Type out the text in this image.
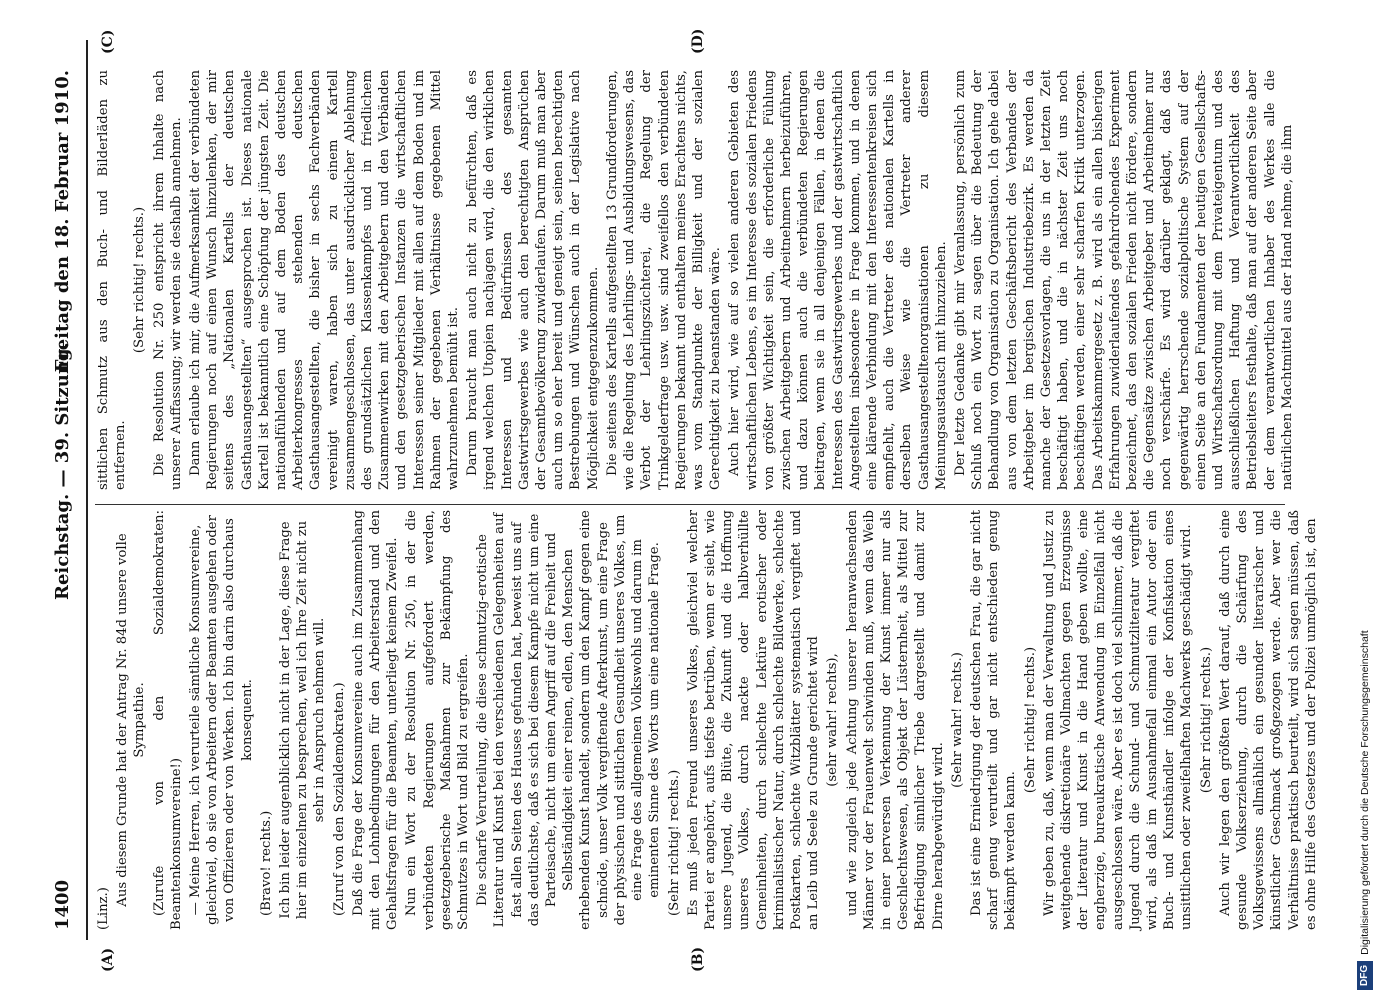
1400
Reichstag. — 39. Sitzung.
Freitag den 18. Februar 1910.
(A)	(B)
(C)	(D)

(Linz.)

Aus diesem Grunde hat der Antrag Nr. 84d unsere volle Sympathie. (Zurufe von den Sozialdemokraten: Beamtenkonsumvereine!) — Meine Herren, ich verurteile sämtliche Konsumvereine, gleichviel, ob sie von Arbeitern oder Beamten ausgehen oder von Offizieren oder von Werken. Ich bin darin also durchaus konsequent.

(Bravo! rechts.) Ich bin leider augenblicklich nicht in der Lage, diese Frage hier im einzelnen zu besprechen, weil ich Ihre Zeit nicht zu sehr in Anspruch nehmen will. (Zuruf von den Sozialdemokraten.) Daß die Frage der Konsumvereine auch im Zusammenhang mit den Lohnbedingungen für den Arbeiterstand und den Gehaltsfragen für die Beamten, unterliegt keinem Zweifel. Nun ein Wort zu der Resolution Nr. 250, in der die verbündeten Regierungen aufgefordert werden, gesetzgeberische Maßnahmen zur Bekämpfung des Schmutzes in Wort und Bild zu ergreifen. Die scharfe Verurteilung, die diese schmutzig-erotische Literatur und Kunst bei den verschiedenen Gelegenheiten auf fast allen Seiten des Hauses gefunden hat, beweist uns auf das deutlichste, daß es sich bei diesem Kampfe nicht um eine Parteisache, nicht um einen Angriff auf die Freiheit und Selbständigkeit einer reinen, edlen, den Menschen erhebenden Kunst handelt, sondern um den Kampf gegen eine schnöde, unser Volk vergiftende Afterkunst, um eine Frage der physischen und sittlichen Gesundheit unseres Volkes, um eine Frage des allgemeinen Volkswohls und darum im eminenten Sinne des Worts um eine nationale Frage. (Sehr richtig! rechts.) Es muß jeden Freund unseres Volkes, gleichviel welcher Partei er angehört, aufs tiefste betrüben, wenn er sieht, wie unsere Jugend, die Blüte, die Zukunft und die Hoffnung unseres Volkes, durch nackte oder halbverhüllte Gemeinheiten, durch schlechte Lektüre erotischer oder kriminalistischer Natur, durch schlechte Bildwerke, schlechte Postkarten, schlechte Witzblätter systematisch vergiftet und an Leib und Seele zu Grunde gerichtet wird (sehr wahr! rechts), und wie zugleich jede Achtung unserer heranwachsenden Männer vor der Frauenwelt schwinden muß, wenn das Weib in einer perversen Verkennung der Kunst immer nur als Geschlechtswesen, als Objekt der Lüsternheit, als Mittel zur Befriedigung sinnlicher Triebe dargestellt und damit zur Dirne herabgewürdigt wird.

(Sehr wahr! rechts.) Das ist eine Erniedrigung der deutschen Frau, die gar nicht scharf genug verurteilt und gar nicht entschieden genug bekämpft werden kann.

(Sehr richtig! rechts.) Wir geben zu, daß, wenn man der Verwaltung und Justiz zu weitgehende diskretionäre Vollmachten gegen Erzeugnisse der Literatur und Kunst in die Hand geben wollte, eine engherzige, bureaukratische Anwendung im Einzelfall nicht ausgeschlossen wäre. Aber es ist doch viel schlimmer, daß die Jugend durch die Schund- und Schmutzliteratur vergiftet wird, als daß im Ausnahmefall einmal ein Autor oder ein Buch- und Kunsthändler infolge der Konfiskation eines unsittlichen oder zweifelhaften Machwerks geschädigt wird. (Sehr richtig! rechts.) Auch wir legen den größten Wert darauf, daß durch eine gesunde Volkserziehung, durch die Schärfung des Volksgewissens allmählich ein gesunder literarischer und künstlicher Geschmack großgezogen werde. Aber wer die Verhältnisse praktisch beurteilt, wird sich sagen müssen, daß es ohne Hilfe des Gesetzes und der Polizei unmöglich ist, den

sittlichen Schmutz aus den Buch- und Bilderläden zu entfernen.

(Sehr richtig! rechts.) Die Resolution Nr. 250 entspricht ihrem Inhalte nach unserer Auffassung; wir werden sie deshalb annehmen. Dann erlaube ich mir, die Aufmerksamkeit der verbündeten Regierungen noch auf einen Wunsch hinzulenken, der mir seitens des „Nationalen Kartells der deutschen Gasthausangestellten“ ausgesprochen ist. Dieses nationale Kartell ist bekanntlich eine Schöpfung der jüngsten Zeit. Die nationalfühlenden und auf dem Boden des deutschen Arbeiterkongresses stehenden deutschen Gasthausangestellten, die bisher in sechs Fachverbänden vereinigt waren, haben sich zu einem Kartell zusammengeschlossen, das unter ausdrücklicher Ablehnung des grundsätzlichen Klassenkampfes und in friedlichem Zusammenwirken mit den Arbeitgebern und den Verbänden und den gesetzgeberischen Instanzen die wirtschaftlichen Interessen seiner Mitglieder mit allen auf dem Boden und im Rahmen der gegebenen Verhältnisse gegebenen Mittel wahrzunehmen bemüht ist. Darum braucht man auch nicht zu befürchten, daß es irgend welchen Utopien nachjagen wird, die den wirklichen Interessen und Bedürfnissen des gesamten Gastwirtsgewerbes wie auch den berechtigten Ansprüchen der Gesamtbevölkerung zuwiderlaufen. Darum muß man aber auch um so eher bereit und geneigt sein, seinen berechtigten Bestrebungen und Wünschen auch in der Legislative nach Möglichkeit entgegenzukommen. Die seitens des Kartells aufgestellten 13 Grundforderungen, wie die Regelung des Lehrlings- und Ausbildungswesens, das Verbot der Lehrlingszüchterei, die Regelung der Trinkgelderfrage usw. usw. sind zweifellos den verbündeten Regierungen bekannt und enthalten meines Erachtens nichts, was vom Standpunkte der Billigkeit und der sozialen Gerechtigkeit zu beanstanden wäre. Auch hier wird, wie auf so vielen anderen Gebieten des wirtschaftlichen Lebens, es im Interesse des sozialen Friedens von größter Wichtigkeit sein, die erforderliche Fühlung zwischen Arbeitgebern und Arbeitnehmern herbeizuführen, und dazu können auch die verbündeten Regierungen beitragen, wenn sie in all denjenigen Fällen, in denen die Interessen des Gastwirtsgewerbes und der gastwirtschaftlich Angestellten insbesondere in Frage kommen, und in denen eine klärende Verbindung mit den Interessentenkreisen sich empfiehlt, auch die Vertreter des nationalen Kartells in derselben Weise wie die Vertreter anderer Gasthausangestelltenorganisationen zu diesem Meinungsaustausch mit hinzuziehen. Der letzte Gedanke gibt mir Veranlassung, persönlich zum Schluß noch ein Wort zu sagen über die Bedeutung der Behandlung von Organisation zu Organisation. Ich gehe dabei aus von dem letzten Geschäftsbericht des Verbandes der Arbeitgeber im bergischen Industriebezirk. Es werden da manche der Gesetzesvorlagen, die uns in der letzten Zeit beschäftigt haben, und die in nächster Zeit uns noch beschäftigen werden, einer sehr scharfen Kritik unterzogen. Das Arbeitskammergesetz z. B. wird als ein allen bisherigen Erfahrungen zuwiderlaufendes gefahrdrohendes Experiment bezeichnet, das den sozialen Frieden nicht fördere, sondern die Gegensätze zwischen Arbeitgeber und Arbeitnehmer nur noch verschärfe. Es wird darüber geklagt, daß das gegenwärtig herrschende sozialpolitische System auf der einen Seite an den Fundamenten der heutigen Gesellschafts- und Wirtschaftsordnung mit dem Privateigentum und des ausschließlichen Haftung und Verantwortlichkeit des Betriebsleiters festhalte, daß man auf der anderen Seite aber der dem verantwortlichen Inhaber des Werkes alle die natürlichen Machtmittel aus der Hand nehme, die ihm

DFG
Digitalisierung gefördert durch die Deutsche Forschungsgemeinschaft
